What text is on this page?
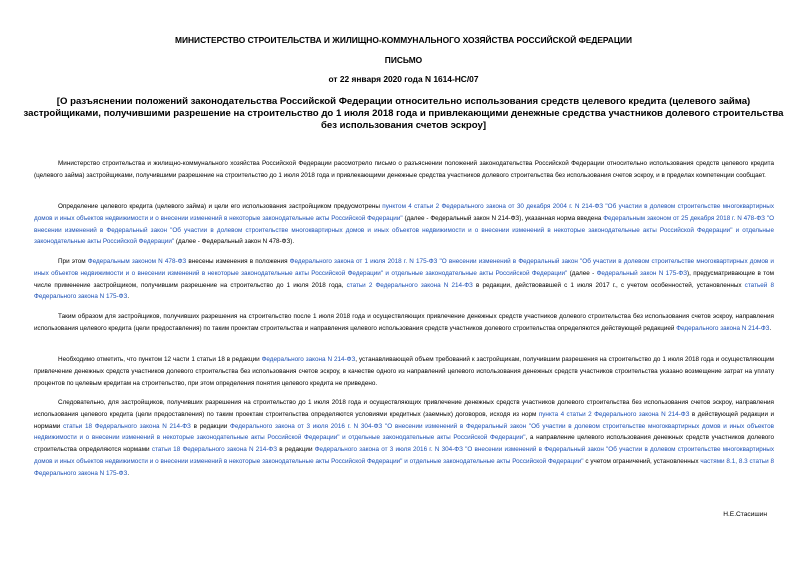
МИНИСТЕРСТВО СТРОИТЕЛЬСТВА И ЖИЛИЩНО-КОММУНАЛЬНОГО ХОЗЯЙСТВА РОССИЙСКОЙ ФЕДЕРАЦИИ
ПИСЬМО
от 22 января 2020 года N 1614-НС/07
[О разъяснении положений законодательства Российской Федерации относительно использования средств целевого кредита (целевого займа) застройщиками, получившими разрешение на строительство до 1 июля 2018 года и привлекающими денежные средства участников долевого строительства без использования счетов эскроу]
Министерство строительства и жилищно-коммунального хозяйства Российской Федерации рассмотрело письмо о разъяснении положений законодательства Российской Федерации относительно использования средств целевого кредита (целевого займа) застройщиками, получившими разрешение на строительство до 1 июля 2018 года и привлекающими денежные средства участников долевого строительства без использования счетов эскроу, и в пределах компетенции сообщает.
Определение целевого кредита (целевого займа) и цели его использования застройщиком предусмотрены пунктом 4 статьи 2 Федерального закона от 30 декабря 2004 г. N 214-ФЗ "Об участии в долевом строительстве многоквартирных домов и иных объектов недвижимости и о внесении изменений в некоторые законодательные акты Российской Федерации" (далее - Федеральный закон N 214-ФЗ), указанная норма введена Федеральным законом от 25 декабря 2018 г. N 478-ФЗ "О внесении изменений в Федеральный закон "Об участии в долевом строительстве многоквартирных домов и иных объектов недвижимости и о внесении изменений в некоторые законодательные акты Российской Федерации" и отдельные законодательные акты Российской Федерации" (далее - Федеральный закон N 478-ФЗ).
При этом Федеральным законом N 478-ФЗ внесены изменения в положения Федерального закона от 1 июля 2018 г. N 175-ФЗ "О внесении изменений в Федеральный закон "Об участии в долевом строительстве многоквартирных домов и иных объектов недвижимости и о внесении изменений в некоторые законодательные акты Российской Федерации" и отдельные законодательные акты Российской Федерации" (далее - Федеральный закон N 175-ФЗ), предусматривающие в том числе применение застройщиком, получившим разрешение на строительство до 1 июля 2018 года, статьи 2 Федерального закона N 214-ФЗ в редакции, действовавшей с 1 июля 2017 г., с учетом особенностей, установленных статьей 8 Федерального закона N 175-ФЗ.
Таким образом для застройщиков, получивших разрешения на строительство после 1 июля 2018 года и осуществляющих привлечение денежных средств участников долевого строительства без использования счетов эскроу, направления использования целевого кредита (цели предоставления) по таким проектам строительства и направления целевого использования средств участников долевого строительства определяются действующей редакцией Федерального закона N 214-ФЗ.
Необходимо отметить, что пунктом 12 части 1 статьи 18 в редакции Федерального закона N 214-ФЗ, устанавливающей объем требований к застройщикам, получившим разрешения на строительство до 1 июля 2018 года и осуществляющим привлечение денежных средств участников долевого строительства без использования счетов эскроу, в качестве одного из направлений целевого использования денежных средств участников строительства указано возмещение затрат на уплату процентов по целевым кредитам на строительство, при этом определения понятия целевого кредита не приведено.
Следовательно, для застройщиков, получивших разрешения на строительство до 1 июля 2018 года и осуществляющих привлечение денежных средств участников долевого строительства без использования счетов эскроу, направления использования целевого кредита (цели предоставления) по таким проектам строительства определяются условиями кредитных (заемных) договоров, исходя из норм пункта 4 статьи 2 Федерального закона N 214-ФЗ в действующей редакции и нормами статьи 18 Федерального закона N 214-ФЗ в редакции Федерального закона от 3 июля 2016 г. N 304-ФЗ "О внесении изменений в Федеральный закон "Об участии в долевом строительстве многоквартирных домов и иных объектов недвижимости и о внесении изменений в некоторые законодательные акты Российской Федерации" и отдельные законодательные акты Российской Федерации", а направление целевого использования денежных средств участников долевого строительства определяются нормами статьи 18 Федерального закона N 214-ФЗ в редакции Федерального закона от 3 июля 2016 г. N 304-ФЗ "О внесении изменений в Федеральный закон "Об участии в долевом строительстве многоквартирных домов и иных объектов недвижимости и о внесении изменений в некоторые законодательные акты Российской Федерации" и отдельные законодательные акты Российской Федерации" с учетом ограничений, установленных частями 8.1, 8.3 статьи 8 Федерального закона N 175-ФЗ.
Н.Е.Стасишин
